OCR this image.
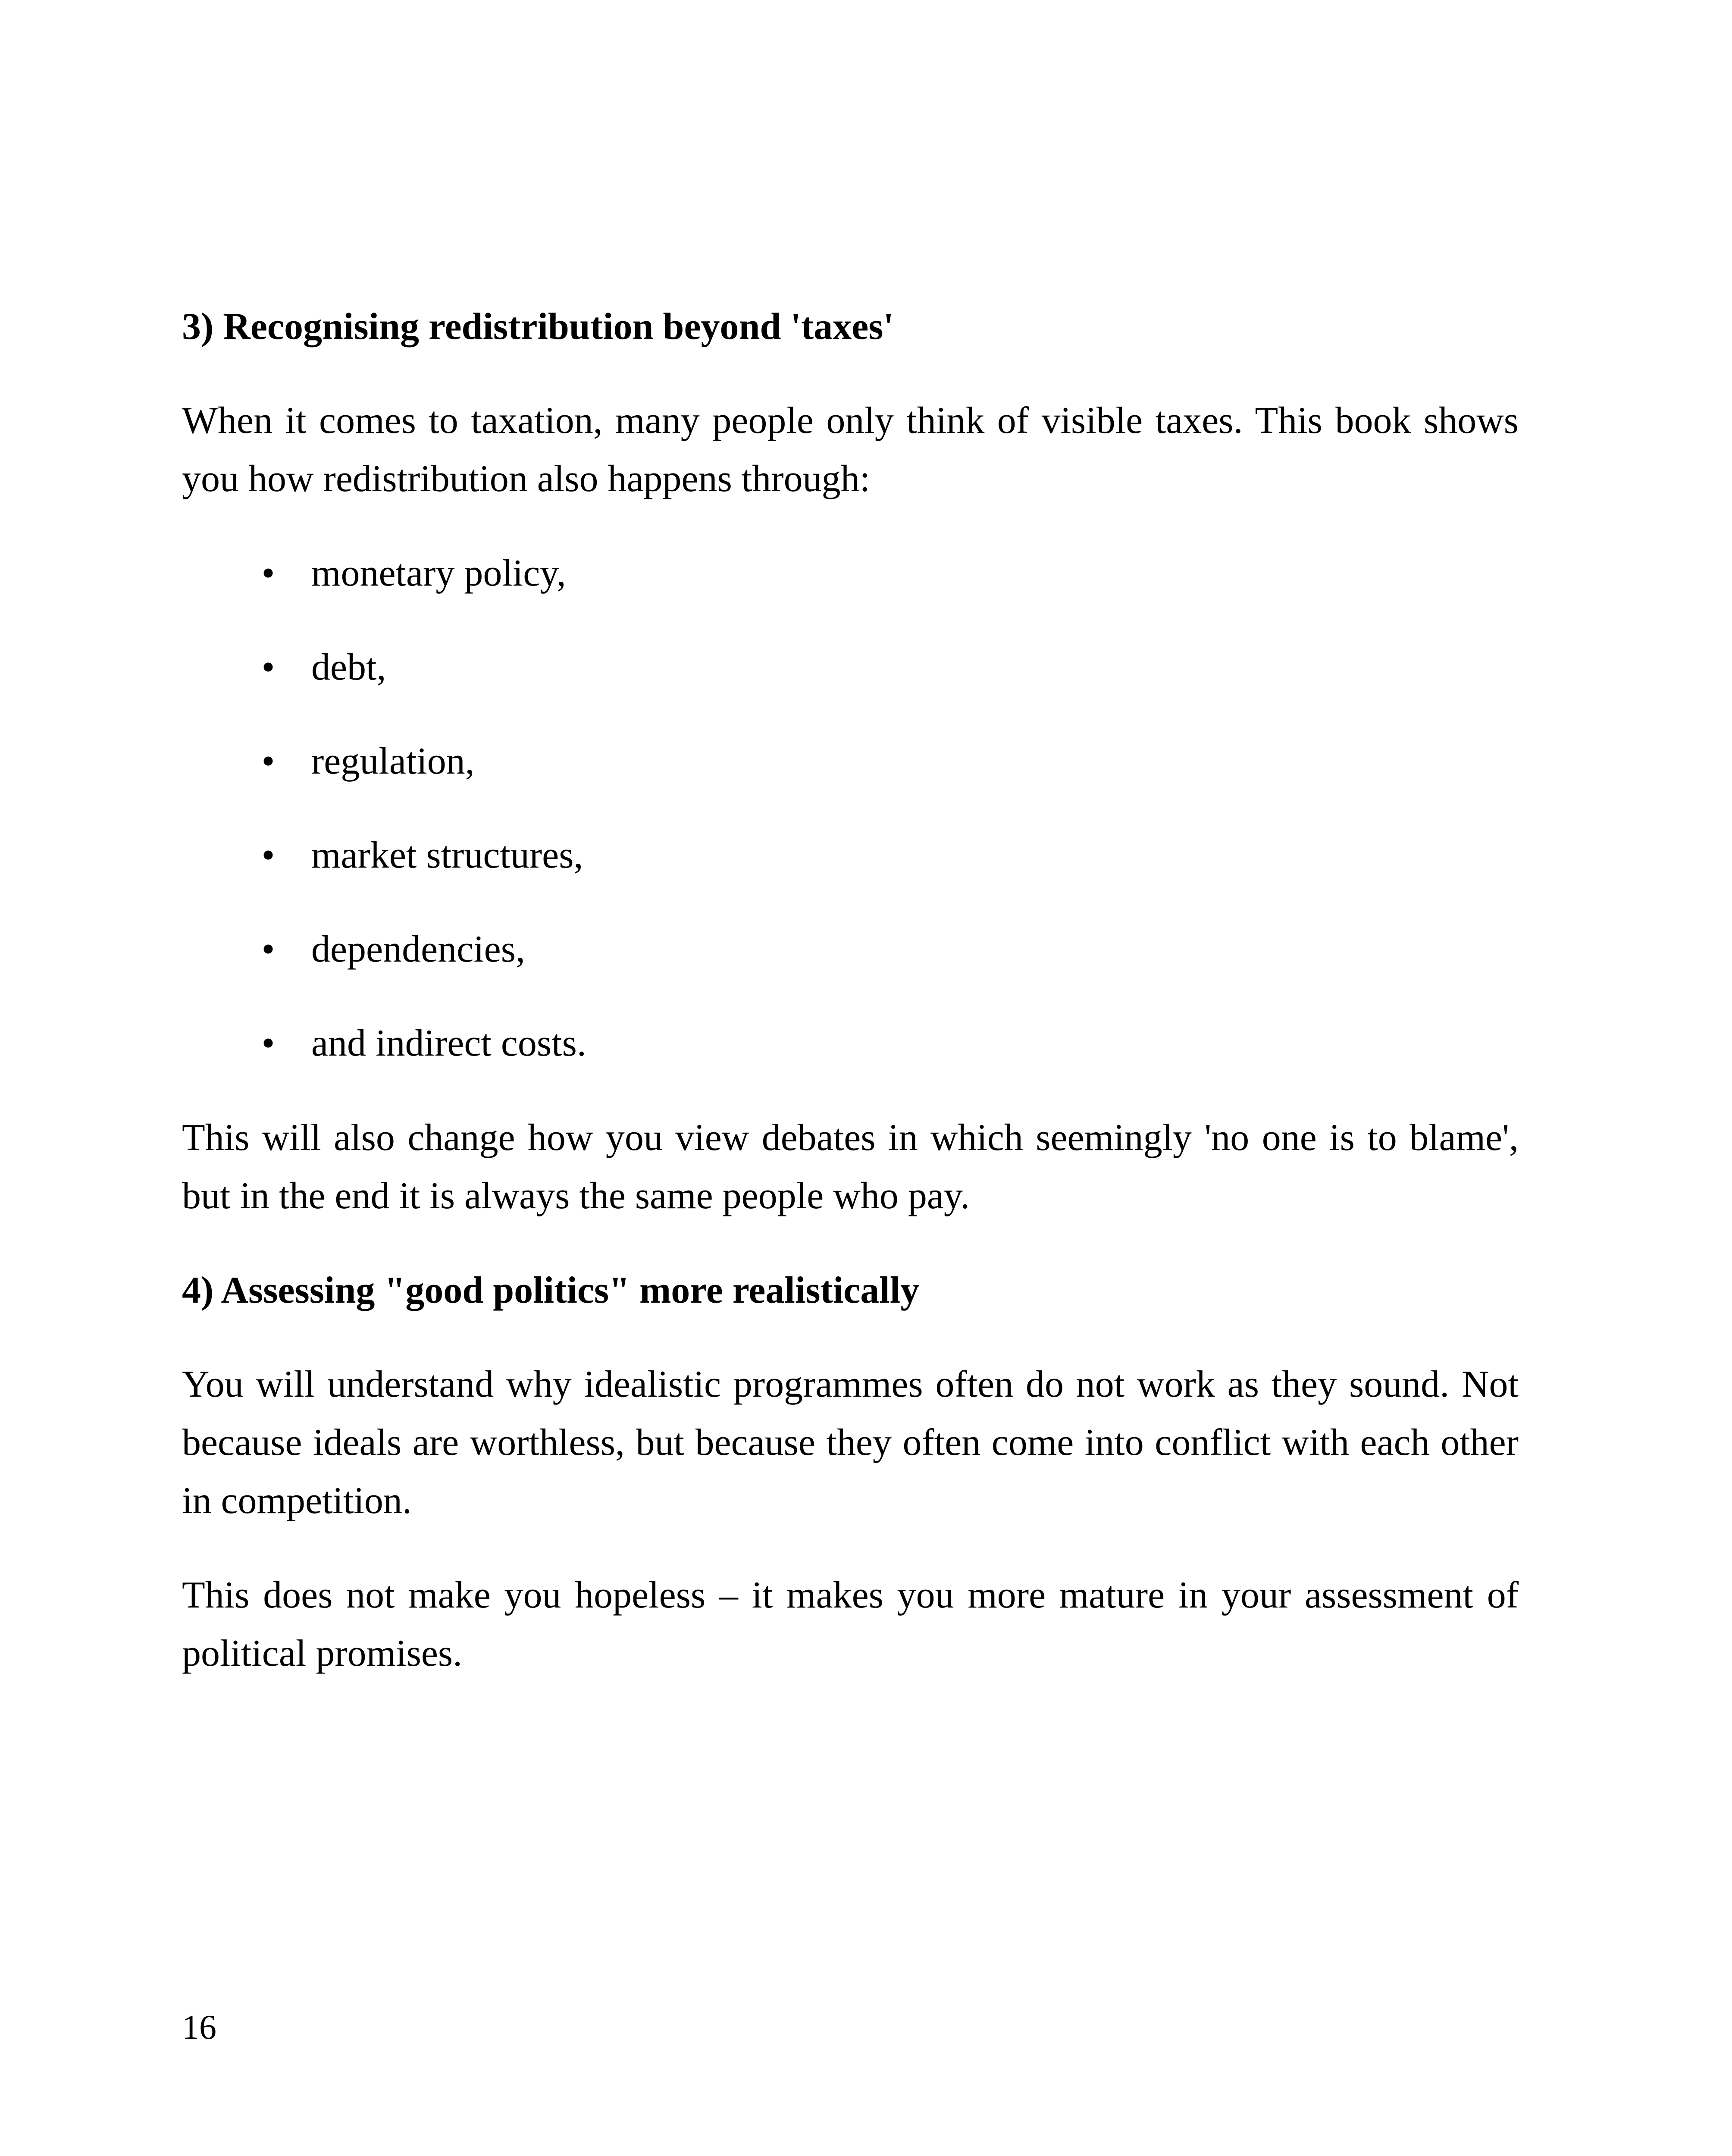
3) Recognising redistribution beyond 'taxes'

When it comes to taxation, many people only think of visible taxes. This book shows you how redistribution also happens through:

• monetary policy,
• debt,
• regulation,
• market structures,
• dependencies,
• and indirect costs.

This will also change how you view debates in which seemingly 'no one is to blame', but in the end it is always the same people who pay.

4) Assessing "good politics" more realistically

You will understand why idealistic programmes often do not work as they sound. Not because ideals are worthless, but because they often come into conflict with each other in competition.

This does not make you hopeless – it makes you more mature in your assessment of political promises.

16
